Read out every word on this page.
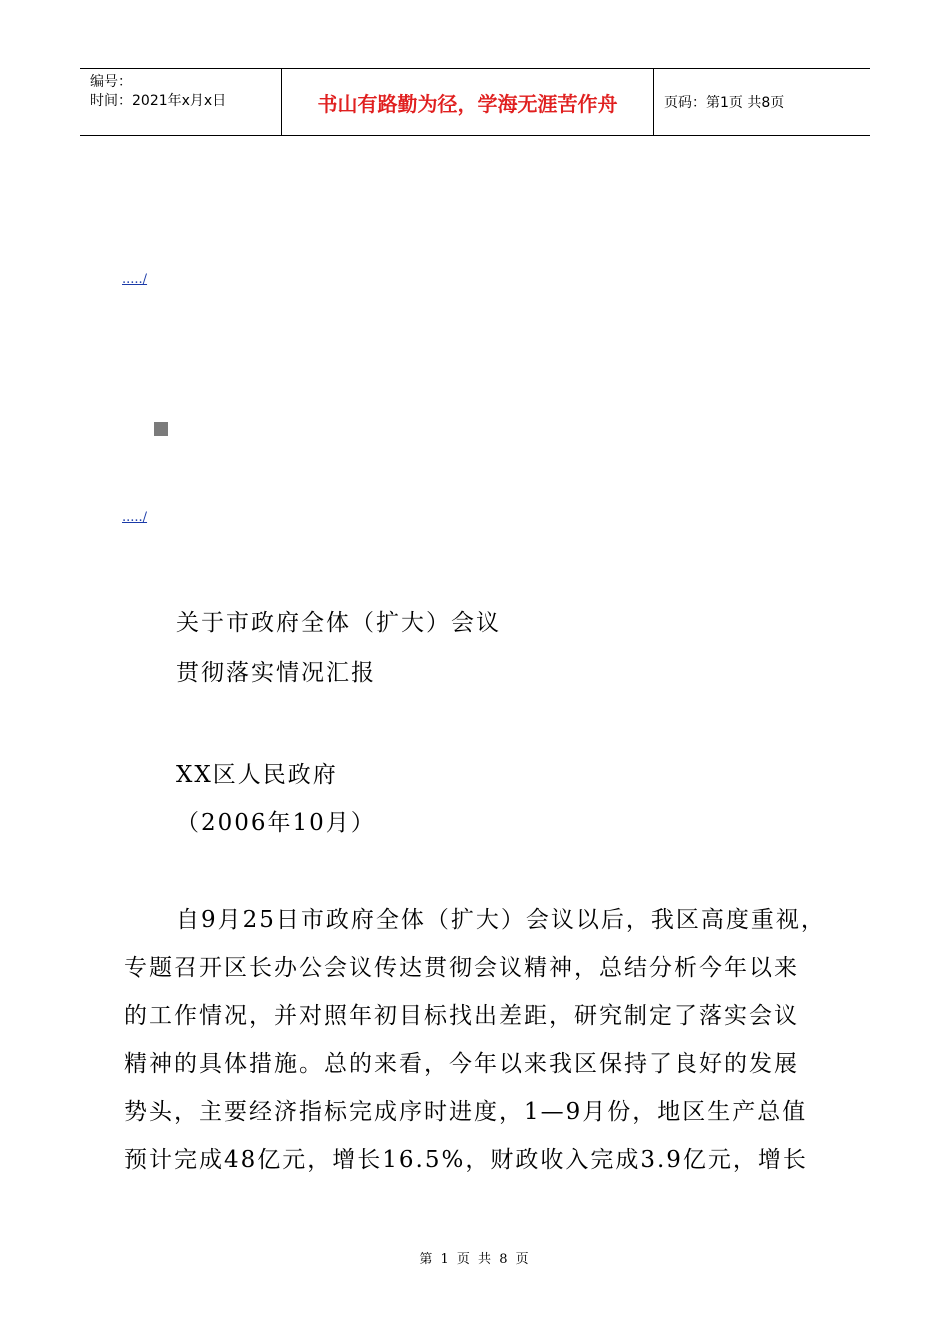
编号：
时间：2021年x月x日	书山有路勤为径，学海无涯苦作舟	页码：第1页 共8页
...../
...../
关于市政府全体（扩大）会议
贯彻落实情况汇报
XX区人民政府
（2006年10月）
自9月25日市政府全体（扩大）会议以后，我区高度重视，
专题召开区长办公会议传达贯彻会议精神，总结分析今年以来
的工作情况，并对照年初目标找出差距，研究制定了落实会议
精神的具体措施。总的来看，今年以来我区保持了良好的发展
势头，主要经济指标完成序时进度，1—9月份，地区生产总值
预计完成48亿元，增长16.5%，财政收入完成3.9亿元，增长
第 1 页 共 8 页
